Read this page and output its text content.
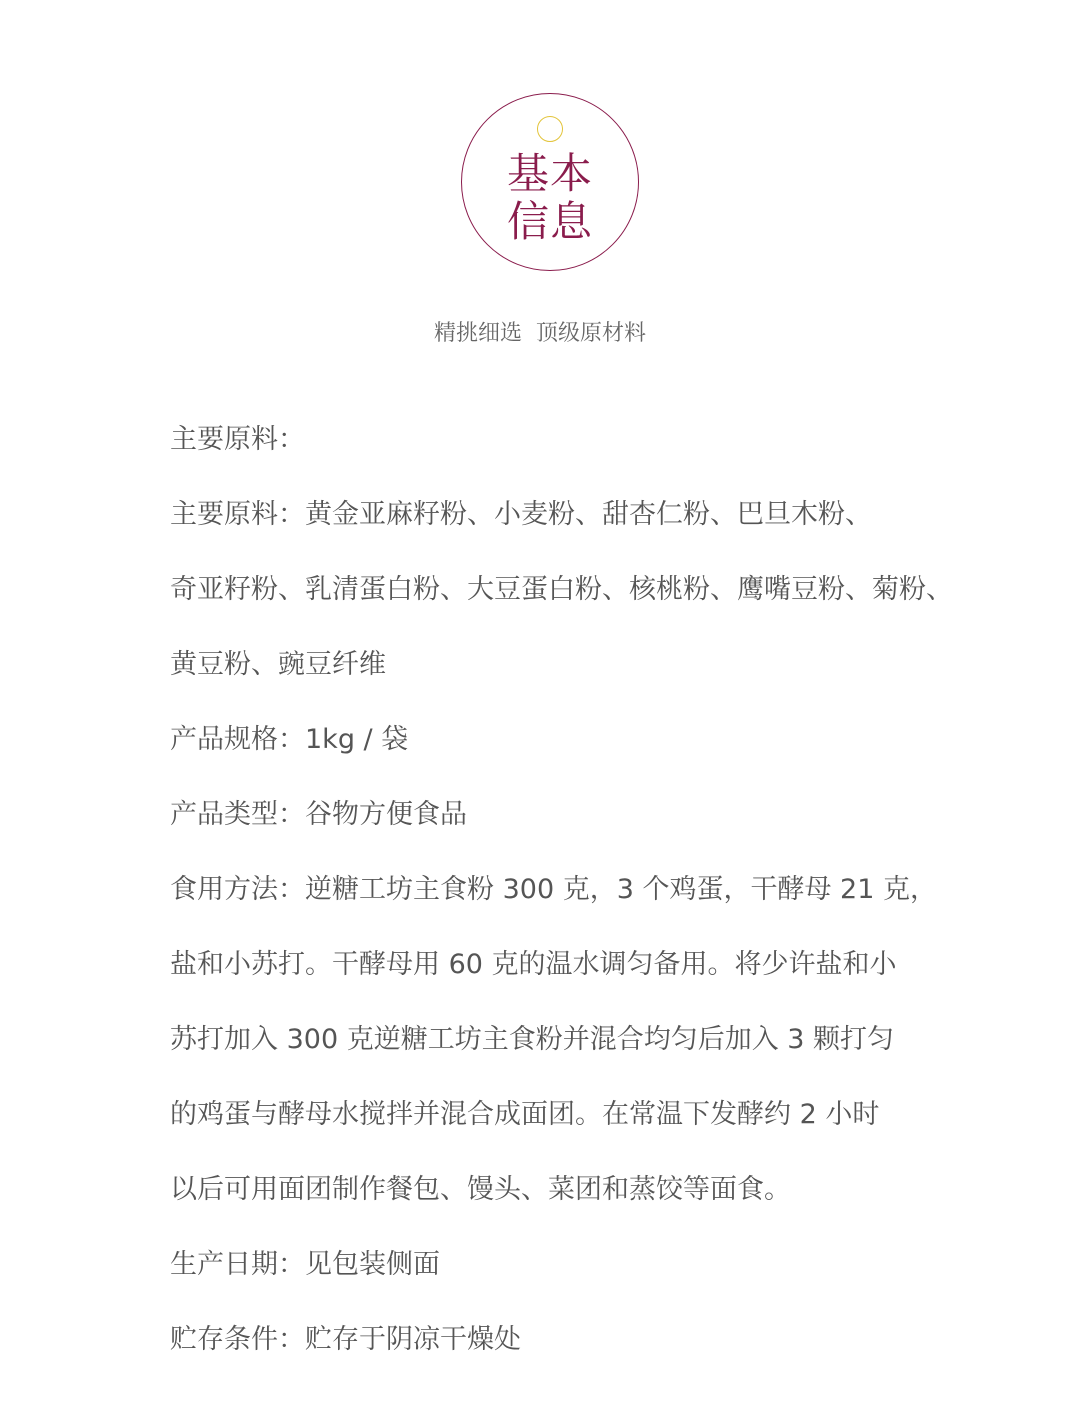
基本
信息
精挑细选  顶级原材料
主要原料：
主要原料：黄金亚麻籽粉、小麦粉、甜杏仁粉、巴旦木粉、
奇亚籽粉、乳清蛋白粉、大豆蛋白粉、核桃粉、鹰嘴豆粉、菊粉、
黄豆粉、豌豆纤维
产品规格：1kg / 袋
产品类型：谷物方便食品
食用方法：逆糖工坊主食粉 300 克，3 个鸡蛋，干酵母 21 克，
盐和小苏打。干酵母用 60 克的温水调匀备用。将少许盐和小
苏打加入 300 克逆糖工坊主食粉并混合均匀后加入 3 颗打匀
的鸡蛋与酵母水搅拌并混合成面团。在常温下发酵约 2 小时
以后可用面团制作餐包、馒头、菜团和蒸饺等面食。
生产日期：见包装侧面
贮存条件：贮存于阴凉干燥处
